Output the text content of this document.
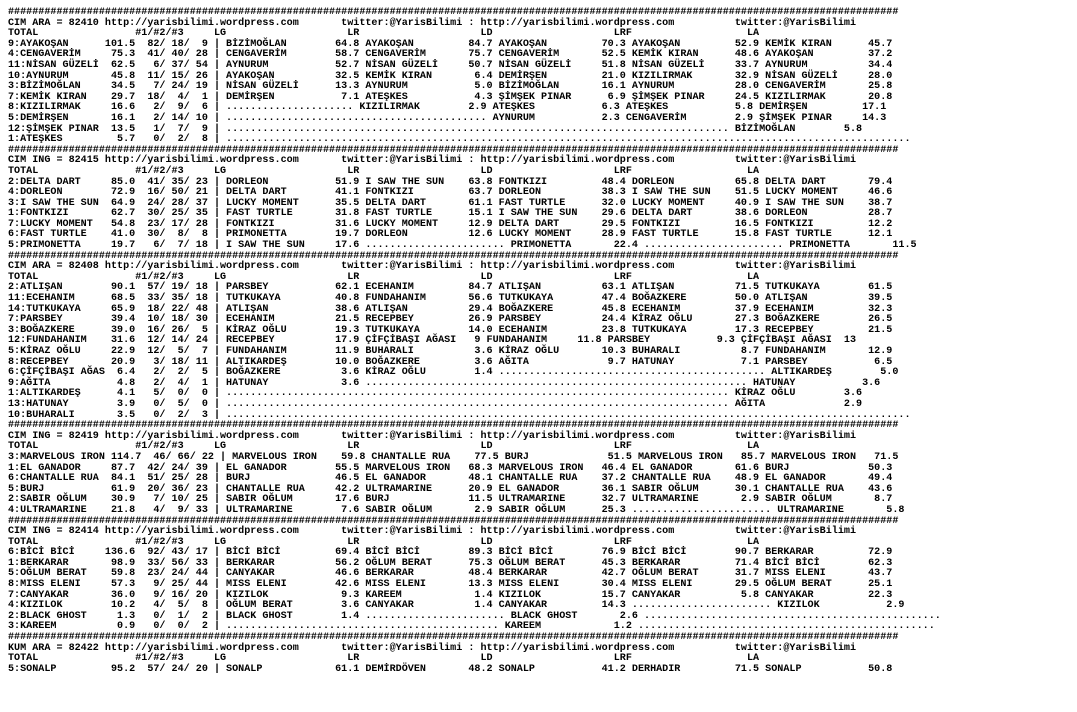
###################################################################################################################################################
CIM ARA = 82410 http://yarisbilimi.wordpress.com       twitter:@YarisBilimi : http://yarisbilimi.wordpress.com          twitter:@YarisBilimi
TOTAL                #1/#2/#3     LG                    LR                    LD                    LRF                   LA
9:AYAKOŞAN      101.5  82/ 18/  9 | BİZİMOĞLAN        64.8 AYAKOŞAN         84.7 AYAKOŞAN         70.3 AYAKOŞAN         52.9 KEMİK KIRAN      45.7
4:CENGAVERİM     75.3  41/ 40/ 28 | CENGAVERİM        58.7 CENGAVERİM       75.7 CENGAVERİM       52.5 KEMİK KIRAN      48.6 AYAKOŞAN         37.2
11:NİSAN GÜZELİ  62.5   6/ 37/ 54 | AYNURUM           52.7 NİSAN GÜZELİ     50.7 NİSAN GÜZELİ     51.8 NİSAN GÜZELİ     33.7 AYNURUM          34.4
10:AYNURUM       45.8  11/ 15/ 26 | AYAKOŞAN          32.5 KEMİK KIRAN       6.4 DEMİRŞEN         21.0 KIZILIRMAK       32.9 NİSAN GÜZELİ     28.0
3:BİZİMOĞLAN     34.5   7/ 24/ 19 | NİSAN GÜZELİ      13.3 AYNURUM           5.0 BİZİMOĞLAN       16.1 AYNURUM          28.0 CENGAVERİM       25.8
7:KEMİK KIRAN    29.7  18/  4/  1 | DEMİRŞEN           7.1 ATEŞKES           4.3 ŞİMŞEK PINAR      6.9 ŞİMŞEK PINAR     24.5 KIZILIRMAK       20.8
8:KIZILIRMAK     16.6   2/  9/  6 | ..................... KIZILIRMAK        2.9 ATEŞKES           6.3 ATEŞKES           5.8 DEMİRŞEN         17.1
5:DEMİRŞEN       16.1   2/ 14/ 10 | ........................................... AYNURUM           2.3 CENGAVERİM        2.9 ŞİMŞEK PINAR     14.3
12:ŞİMŞEK PINAR  13.5   1/  7/  9 | ................................................................................... BİZİMOĞLAN        5.8
1:ATEŞKES         5.7   0/  2/  8 | .................................................................................................................
###################################################################################################################################################
CIM ING = 82415 http://yarisbilimi.wordpress.com       twitter:@YarisBilimi : http://yarisbilimi.wordpress.com          twitter:@YarisBilimi
TOTAL                #1/#2/#3     LG                    LR                    LD                    LRF                   LA
2:DELTA DART     85.0  41/ 35/ 23 | DORLEON           51.9 I SAW THE SUN    63.8 FONTKIZI         48.4 DORLEON          65.8 DELTA DART       79.4
4:DORLEON        72.9  16/ 50/ 21 | DELTA DART        41.1 FONTKIZI         63.7 DORLEON          38.3 I SAW THE SUN    51.5 LUCKY MOMENT     46.6
3:I SAW THE SUN  64.9  24/ 28/ 37 | LUCKY MOMENT      35.5 DELTA DART       61.1 FAST TURTLE      32.0 LUCKY MOMENT     40.9 I SAW THE SUN    38.7
1:FONTKIZI       62.7  30/ 25/ 35 | FAST TURTLE       31.8 FAST TURTLE      15.1 I SAW THE SUN    29.6 DELTA DART       38.6 DORLEON          28.7
7:LUCKY MOMENT   54.8  23/ 17/ 28 | FONTKIZI          31.6 LUCKY MOMENT     12.9 DELTA DART       29.5 FONTKIZI         16.5 FONTKIZI         12.2
6:FAST TURTLE    41.0  30/  8/  8 | PRIMONETTA        19.7 DORLEON          12.6 LUCKY MOMENT     28.9 FAST TURTLE      15.8 FAST TURTLE      12.1
5:PRIMONETTA     19.7   6/  7/ 18 | I SAW THE SUN     17.6 ....................... PRIMONETTA       22.4 ....................... PRIMONETTA       11.5
###################################################################################################################################################
CIM ARA = 82408 http://yarisbilimi.wordpress.com       twitter:@YarisBilimi : http://yarisbilimi.wordpress.com          twitter:@YarisBilimi
TOTAL                #1/#2/#3     LG                    LR                    LD                    LRF                   LA
2:ATLIŞAN        90.1  57/ 19/ 18 | PARSBEY           62.1 ECEHANIM         84.7 ATLIŞAN          63.1 ATLIŞAN          71.5 TUTKUKAYA        61.5
11:ECEHANIM      68.5  33/ 35/ 18 | TUTKUKAYA         40.8 FUNDAHANIM       56.6 TUTKUKAYA        47.4 BOĞAZKERE        50.0 ATLIŞAN          39.5
14:TUTKUKAYA     65.9  18/ 22/ 48 | ATLIŞAN           38.6 ATLIŞAN          29.4 BOĞAZKERE        45.8 ECEHANIM         37.9 ECEHANIM         32.3
7:PARSBEY        39.4  10/ 18/ 30 | ECEHANIM          21.5 RECEPBEY         26.9 PARSBEY          24.4 KİRAZ OĞLU       27.3 BOĞAZKERE        26.5
3:BOĞAZKERE      39.0  16/ 26/  5 | KİRAZ OĞLU        19.3 TUTKUKAYA        14.0 ECEHANIM         23.8 TUTKUKAYA        17.3 RECEPBEY         21.5
12:FUNDAHANIM    31.6  12/ 14/ 24 | RECEPBEY          17.9 ÇİFÇİBAŞI AĞASI   9 FUNDAHANIM     11.8 PARSBEY           9.3 ÇİFÇİBAŞI AĞASI  13
5:KİRAZ OĞLU     22.9  12/  5/  7 | FUNDAHANIM        11.9 BUHARALI          3.6 KİRAZ OĞLU       10.3 BUHARALI          8.7 FUNDAHANIM       12.9
8:RECEPBEY       20.9   3/ 18/ 11 | ALTIKARDEŞ        10.0 BOĞAZKERE         3.6 AĞITA             9.7 HATUNAY           7.1 PARSBEY           6.5
6:ÇİFÇİBAŞI AĞAS  6.4   2/  2/  5 | BOĞAZKERE          3.6 KİRAZ OĞLU        1.4 ............................................ ALTIKARDEŞ        5.0
9:AĞITA           4.8   2/  4/  1 | HATUNAY            3.6 ............................................................... HATUNAY           3.6
1:ALTIKARDEŞ      4.1   5/  0/  0 | ................................................................................... KİRAZ OĞLU        3.6
13:HATUNAY        3.9   0/  5/  0 | ................................................................................... AĞITA             2.9
10:BUHARALI       3.5   0/  2/  3 | .................................................................................................................
###################################################################################################################################################
CIM ING = 82419 http://yarisbilimi.wordpress.com       twitter:@YarisBilimi : http://yarisbilimi.wordpress.com          twitter:@YarisBilimi
TOTAL                #1/#2/#3     LG                    LR                    LD                    LRF                   LA
3:MARVELOUS IRON 114.7  46/ 66/ 22 | MARVELOUS IRON    59.8 CHANTALLE RUA    77.5 BURJ             51.5 MARVELOUS IRON   85.7 MARVELOUS IRON   71.5
1:EL GANADOR     87.7  42/ 24/ 39 | EL GANADOR        55.5 MARVELOUS IRON   68.3 MARVELOUS IRON   46.4 EL GANADOR       61.6 BURJ             50.3
6:CHANTALLE RUA  84.1  51/ 25/ 28 | BURJ              46.5 EL GANADOR       48.1 CHANTALLE RUA    37.2 CHANTALLE RUA    48.9 EL GANADOR       49.4
5:BURJ           61.9  20/ 36/ 23 | CHANTALLE RUA     42.2 ULTRAMARINE      20.9 EL GANADOR       36.1 SABIR OĞLUM      30.1 CHANTALLE RUA    43.6
2:SABIR OĞLUM    30.9   7/ 10/ 25 | SABIR OĞLUM       17.6 BURJ             11.5 ULTRAMARINE      32.7 ULTRAMARINE       2.9 SABIR OĞLUM       8.7
4:ULTRAMARINE    21.8   4/  9/ 33 | ULTRAMARINE        7.6 SABIR OĞLUM       2.9 SABIR OĞLUM      25.3 ....................... ULTRAMARINE       5.8
###################################################################################################################################################
CIM ING = 82414 http://yarisbilimi.wordpress.com       twitter:@YarisBilimi : http://yarisbilimi.wordpress.com          twitter:@YarisBilimi
TOTAL                #1/#2/#3     LG                    LR                    LD                    LRF                   LA
6:BİCİ BİCİ     136.6  92/ 43/ 17 | BİCİ BİCİ         69.4 BİCİ BİCİ        89.3 BİCİ BİCİ        76.9 BİCİ BİCİ        90.7 BERKARAR         72.9
1:BERKARAR       98.9  33/ 56/ 33 | BERKARAR          56.2 OĞLUM BERAT      75.3 OĞLUM BERAT      45.3 BERKARAR         71.4 BİCİ BİCİ        62.3
5:OĞLUM BERAT    59.8  23/ 24/ 44 | CANYAKAR          46.6 BERKARAR         48.4 BERKARAR         42.7 OĞLUM BERAT      31.7 MISS ELENI       43.7
8:MISS ELENI     57.3   9/ 25/ 44 | MISS ELENI        42.6 MISS ELENI       13.3 MISS ELENI       30.4 MISS ELENI       29.5 OĞLUM BERAT      25.1
7:CANYAKAR       36.0   9/ 16/ 20 | KIZILOK            9.3 KAREEM            1.4 KIZILOK          15.7 CANYAKAR          5.8 CANYAKAR         22.3
4:KIZILOK        10.2   4/  5/  8 | OĞLUM BERAT        3.6 CANYAKAR          1.4 CANYAKAR         14.3 ....................... KIZILOK           2.9
2:BLACK GHOST     1.3   0/  1/  2 | BLACK GHOST        1.4 ....................... BLACK GHOST       2.6 .................................................
3:KAREEM          0.9   0/  0/  2 | ............................................. KAREEM            1.2 .................................................
###################################################################################################################################################
KUM ARA = 82422 http://yarisbilimi.wordpress.com       twitter:@YarisBilimi : http://yarisbilimi.wordpress.com          twitter:@YarisBilimi
TOTAL                #1/#2/#3     LG                    LR                    LD                    LRF                   LA
5:SONALP         95.2  57/ 24/ 20 | SONALP            61.1 DEMİRDÖVEN       48.2 SONALP           41.2 DERHADIR         71.5 SONALP           50.8
